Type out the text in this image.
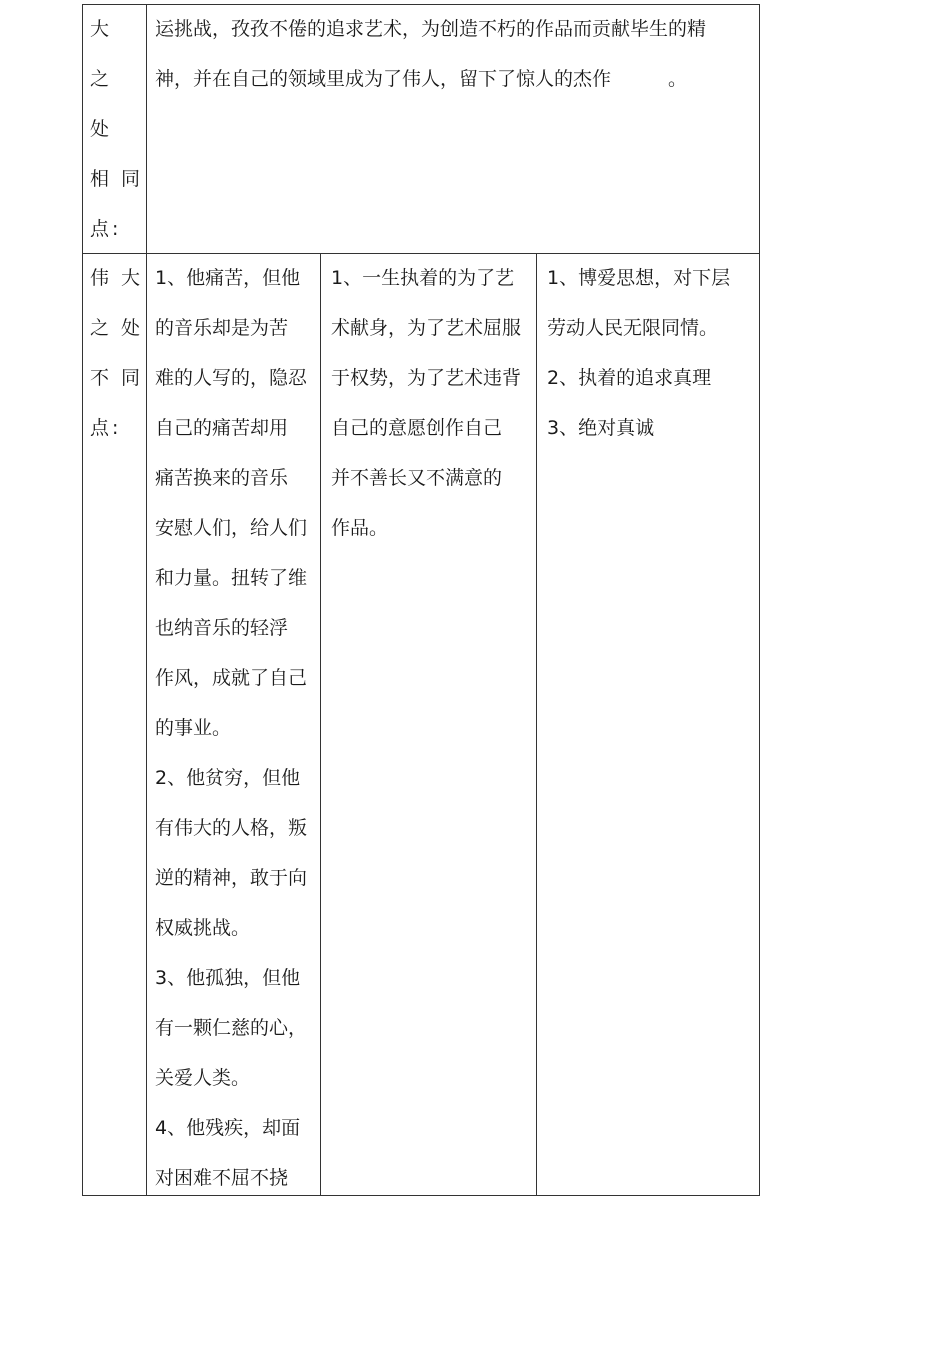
大
之
处
相 同
点:
运挑战，孜孜不倦的追求艺术，为创造不朽的作品而贡献毕生的精
神，并在自己的领域里成为了伟人，留下了惊人的杰作　　　。
伟 大
之 处
不 同
点:
1、他痛苦，但他
的音乐却是为苦
难的人写的，隐忍
自己的痛苦却用
痛苦换来的音乐
安慰人们，给人们
和力量。扭转了维
也纳音乐的轻浮
作风，成就了自己
的事业。
2、他贫穷，但他
有伟大的人格，叛
逆的精神，敢于向
权威挑战。
3、他孤独，但他
有一颗仁慈的心，
关爱人类。
4、他残疾，却面
对困难不屈不挠
1、一生执着的为了艺
术献身，为了艺术屈服
于权势，为了艺术违背
自己的意愿创作自己
并不善长又不满意的
作品。
1、博爱思想，对下层
劳动人民无限同情。
2、执着的追求真理
3、绝对真诚
